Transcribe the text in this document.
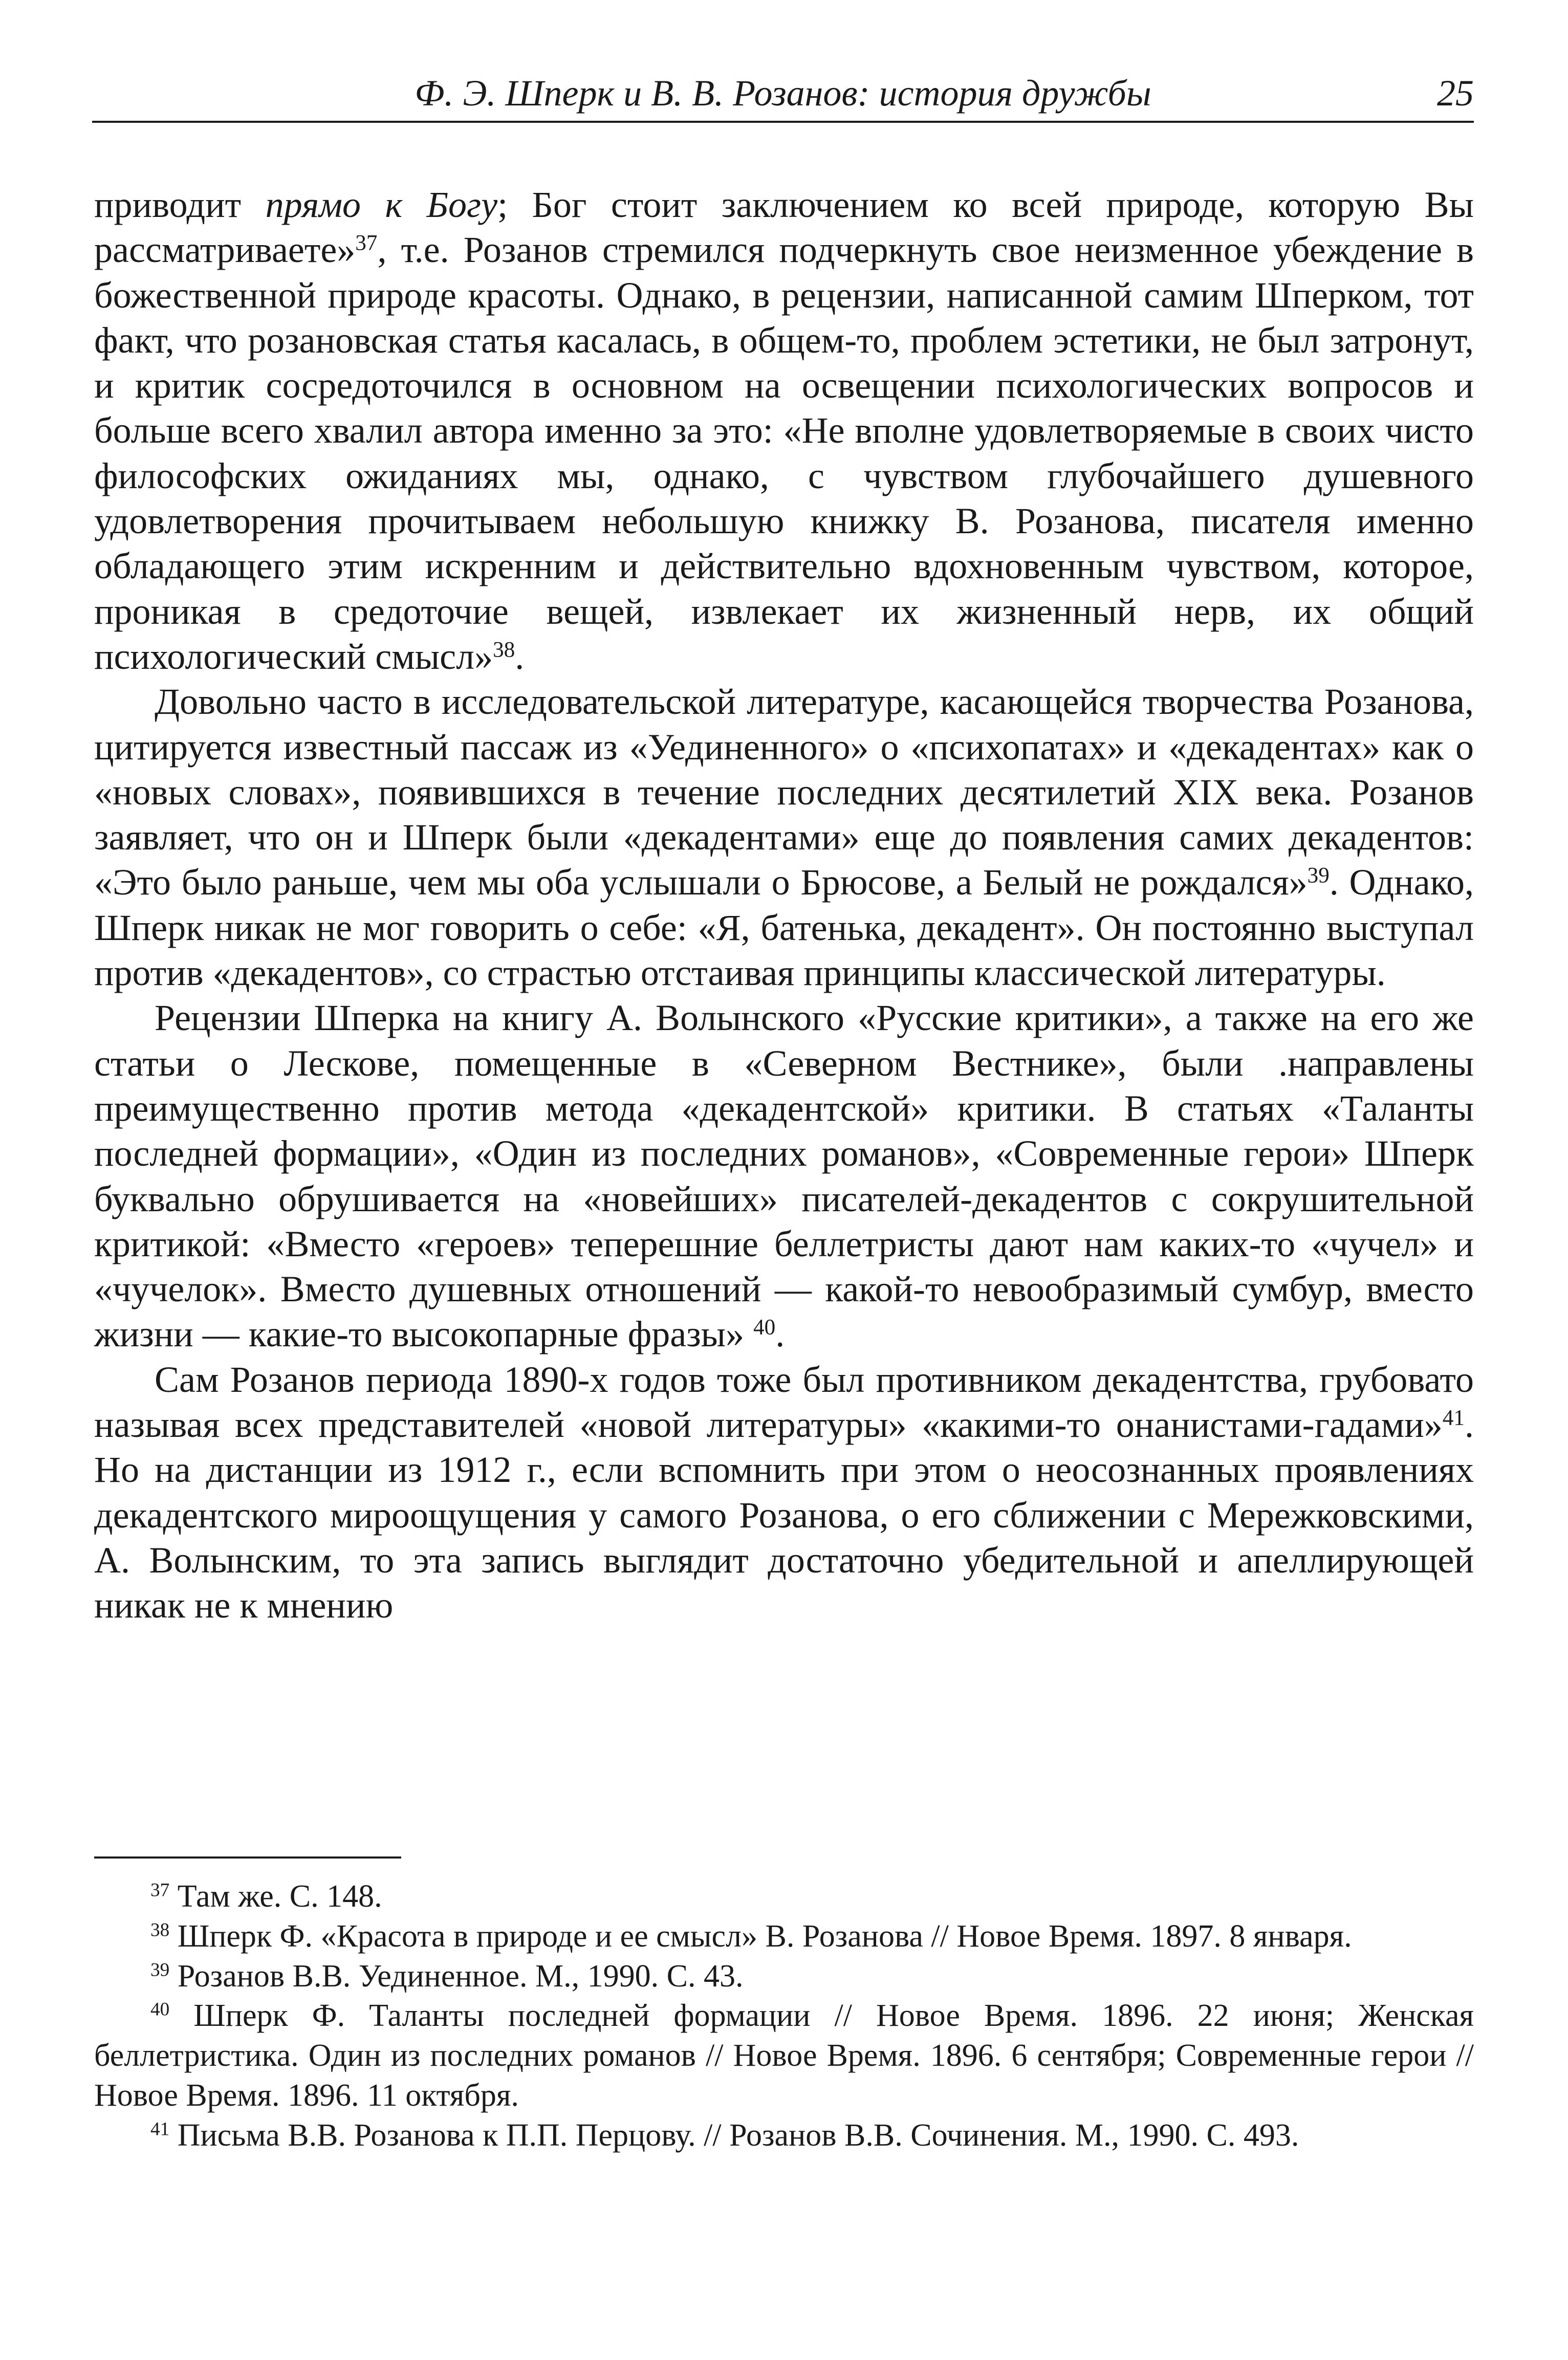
Ф. Э. Шперк и В. В. Розанов: история дружбы	25

приводит прямо к Богу; Бог стоит заключением ко всей природе, которую Вы рассматриваете»$^{37}$, т.е. Розанов стремился подчеркнуть свое неизменное убеждение в божественной природе красоты. Однако, в рецензии, написанной самим Шперком, тот факт, что розановская статья касалась, в общем-то, проблем эстетики, не был затронут, и критик сосредоточился в основном на освещении психологических вопросов и больше всего хвалил автора именно за это: «Не вполне удовлетворяемые в своих чисто философских ожиданиях мы, однако, с чувством глубочайшего душевного удовлетворения прочитываем небольшую книжку В. Розанова, писателя именно обладающего этим искренним и действительно вдохновенным чувством, которое, проникая в средоточие вещей, извлекает их жизненный нерв, их общий психологический смысл»$^{38}$.

Довольно часто в исследовательской литературе, касающейся творчества Розанова, цитируется известный пассаж из «Уединенного» о «психопатах» и «декадентах» как о «новых словах», появившихся в течение последних десятилетий XIX века. Розанов заявляет, что он и Шперк были «декадентами» еще до появления самих декадентов: «Это было раньше, чем мы оба услышали о Брюсове, а Белый не рождался»$^{39}$. Однако, Шперк никак не мог говорить о себе: «Я, батенька, декадент». Он постоянно выступал против «декадентов», со страстью отстаивая принципы классической литературы.

Рецензии Шперка на книгу А. Волынского «Русские критики», а также на его же статьи о Лескове, помещенные в «Северном Вестнике», были .направлены преимущественно против метода «декадентской» критики. В статьях «Таланты последней формации», «Один из последних романов», «Современные герои» Шперк буквально обрушивается на «новейших» писателей-декадентов с сокрушительной критикой: «Вместо «героев» теперешние беллетристы дают нам каких-то «чучел» и «чучелок». Вместо душевных отношений — какой-то невообразимый сумбур, вместо жизни — какие-то высокопарные фразы» $^{40}$.

Сам Розанов периода 1890-х годов тоже был противником декадентства, грубовато называя всех представителей «новой литературы» «какими-то онанистами-гадами»$^{41}$. Но на дистанции из 1912 г., если вспомнить при этом о неосознанных проявлениях декадентского мироощущения у самого Розанова, о его сближении с Мережковскими, А. Волынским, то эта запись выглядит достаточно убедительной и апеллирующей никак не к мнению

$^{37}$ Там же. С. 148.

$^{38}$ Шперк Ф. «Красота в природе и ее смысл» В. Розанова // Новое Время. 1897. 8 января.

$^{39}$ Розанов В.В. Уединенное. М., 1990. С. 43.

$^{40}$ Шперк Ф. Таланты последней формации // Новое Время. 1896. 22 июня; Женская беллетристика. Один из последних романов // Новое Время. 1896. 6 сентября; Современные герои // Новое Время. 1896. 11 октября.

$^{41}$ Письма В.В. Розанова к П.П. Перцову. // Розанов В.В. Сочинения. М., 1990. С. 493.
